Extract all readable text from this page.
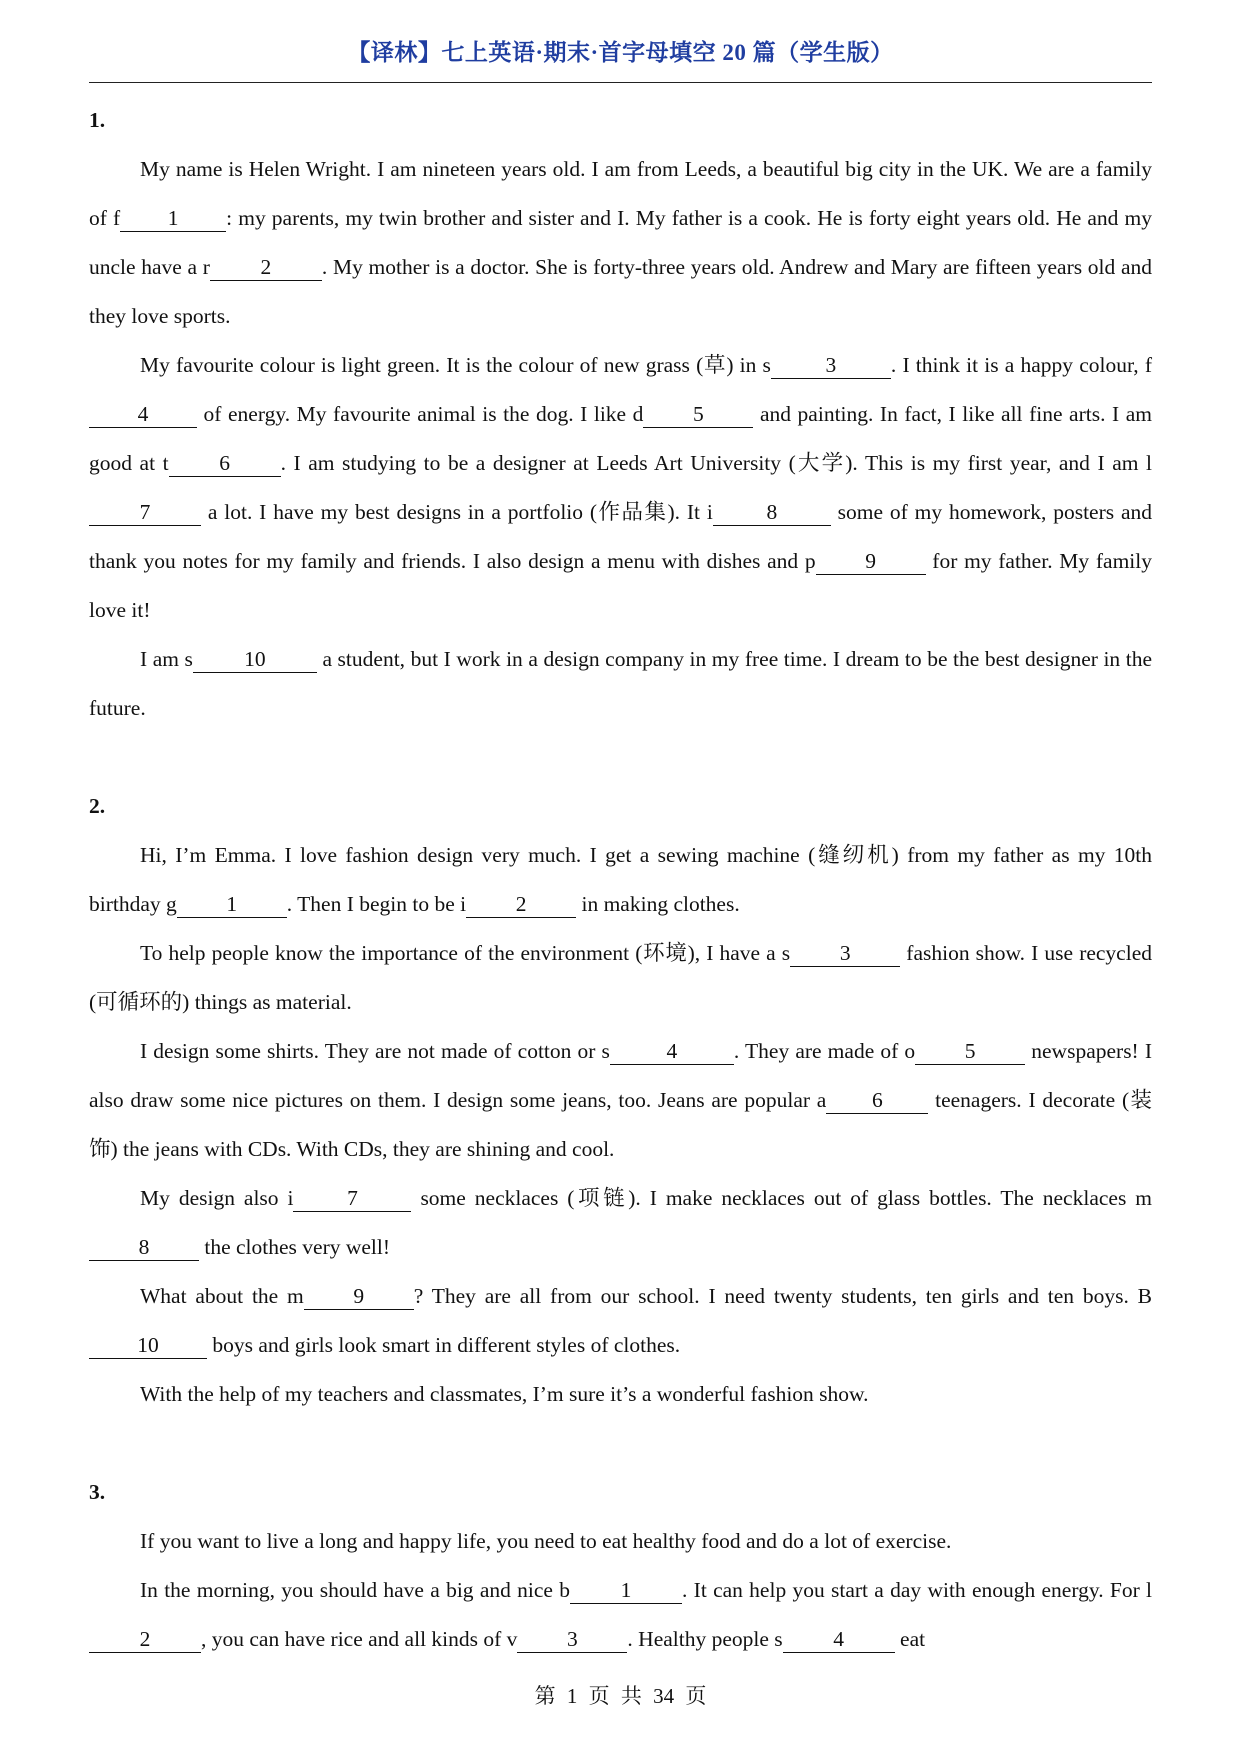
【译林】七上英语·期末·首字母填空 20 篇（学生版）

1.

My name is Helen Wright. I am nineteen years old. I am from Leeds, a beautiful big city in the UK. We are a family of f 1 : my parents, my twin brother and sister and I. My father is a cook. He is forty eight years old. He and my uncle have a r 2 . My mother is a doctor. She is forty-three years old. Andrew and Mary are fifteen years old and they love sports.

My favourite colour is light green. It is the colour of new grass (草) in s	3	. I think it is a happy colour, f4 of energy. My favourite animal is the dog. I like d 5 and painting. In fact, I like all fine arts. I am good at t 6 . I am studying to be a designer at Leeds Art University (大学). This is my first year, and I am l7 a lot. I have my best designs in a portfolio (作品集). It i 8 some of my homework, posters and thank you notes for my family and friends. I also design a menu with dishes and p 9 for my father. My family love it!

I am s 10 a student, but I work in a design company in my free time. I dream to be the best designer in the future.

2.

Hi, I’m Emma. I love fashion design very much. I get a sewing machine (缝纫机) from my father as my 10th birthday g 1 . Then I begin to be i 2 in making clothes.

To help people know the importance of the environment (环境), I have a s 3 fashion show. I use recycled (可循环的) things as material.

I design some shirts. They are not made of cotton or s	4	. They are made of o 5 newspapers! I also draw some nice pictures on them. I design some jeans, too. Jeans are popular a 6 teenagers. I decorate (装饰) the jeans with CDs. With CDs, they are shining and cool.

My design also i 7 some necklaces (项链). I make necklaces out of glass bottles. The necklaces m8 the clothes very well!

What about the m 9 ? They are all from our school. I need twenty students, ten girls and ten boys. B10 boys and girls look smart in different styles of clothes.

With the help of my teachers and classmates, I’m sure it’s a wonderful fashion show.

3.

If you want to live a long and happy life, you need to eat healthy food and do a lot of exercise.

In the morning, you should have a big and nice b 1 . It can help you start a day with enough energy. For l2 , you can have rice and all kinds of v 3 . Healthy people s 4 eat

第 1 页 共 34 页
